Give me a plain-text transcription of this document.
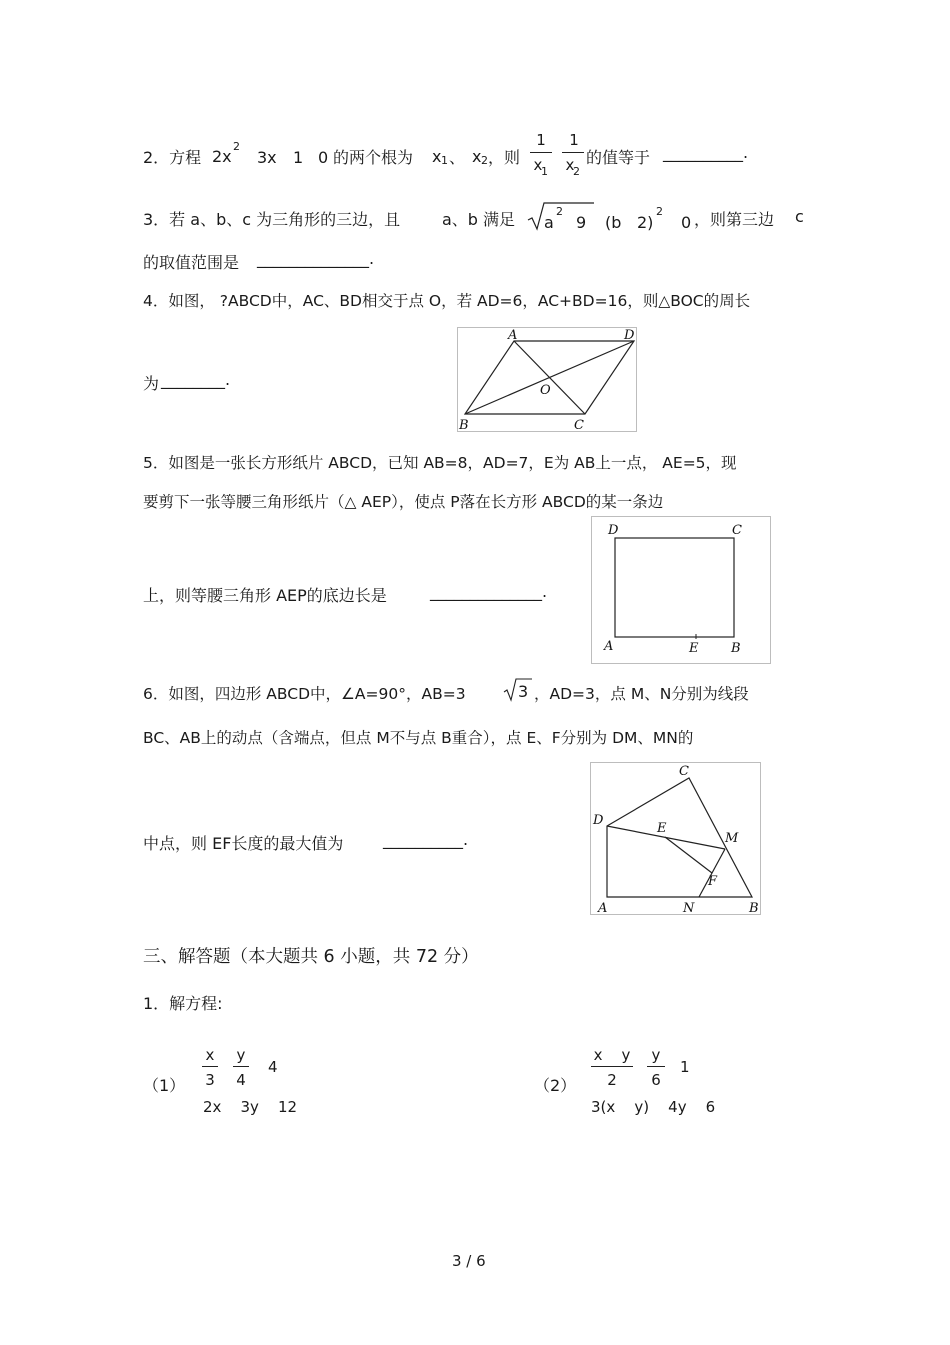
2．方程 2x
2
3x 1 0 的两个根为 x 1 、 x 2 ，则
1
x
1
1
x
2
的值等于 __________.
3．若 a、b、c 为三角形的三边，且	a、b 满足 a
2
9 (b 2)
2
0 ，则第三边 c
的取值范围是 ______________.
4．如图， ?ABCD中，AC、BD相交于点 O，若 AD=6，AC+BD=16，则△BOC的周长
为 ________.
A	D
O
B	C
5．如图是一张长方形纸片 ABCD，已知 AB=8，AD=7，E为 AB上一点， AE=5，现
要剪下一张等腰三角形纸片（△ AEP），使点 P落在长方形 ABCD的某一条边
上，则等腰三角形 AEP的底边长是	______________.
D	C
A	E	B
6．如图，四边形 ABCD中，∠A=90°，AB=3	3 ，AD=3，点 M、N分别为线段
BC、AB上的动点（含端点，但点 M不与点 B重合），点 E、F分别为 DM、MN的
中点，则 EF长度的最大值为 __________.
C
D
E
M
F
A	N	B
三、解答题（本大题共 6 小题，共 72 分）
1．解方程:
（1）
x
3
y
4
4
2x    3y    12
（2）
x    y
2
y
6
1
3(x    y)    4y    6
3 / 6
